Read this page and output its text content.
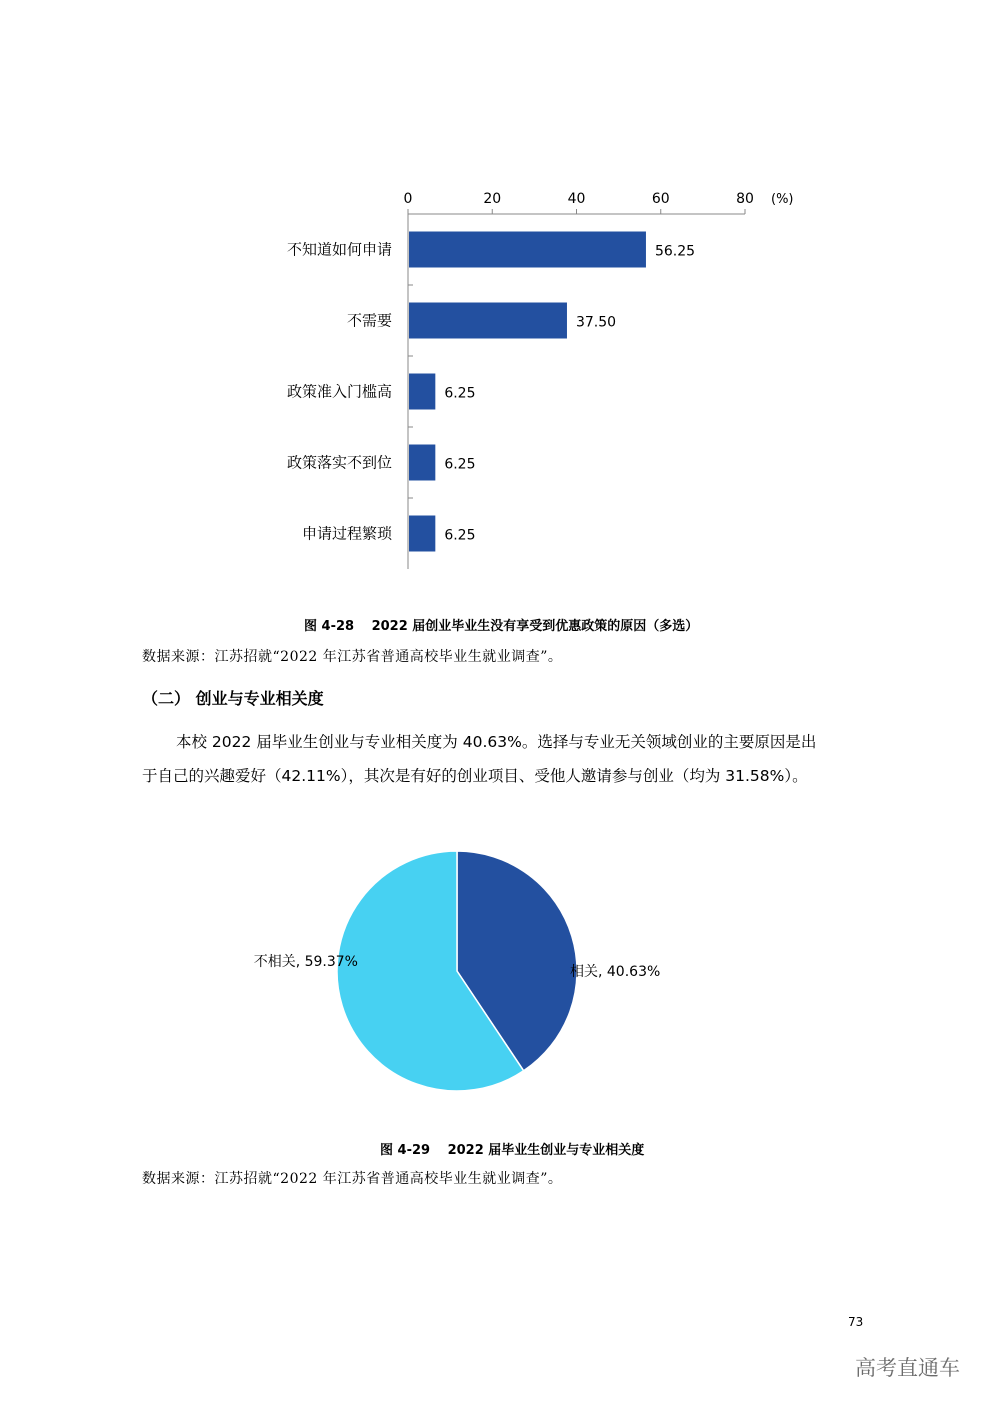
0	20	40	60	80 (%)
不知道如何申请	56.25
不需要	37.50
政策准入门槛高	6.25
政策落实不到位	6.25
申请过程繁琐	6.25
图 4-28　 2022 届创业毕业生没有享受到优惠政策的原因（多选）
数据来源：江苏招就“2022 年江苏省普通高校毕业生就业调查”。
（二） 创业与专业相关度
本校 2022 届毕业生创业与专业相关度为 40.63%。选择与专业无关领域创业的主要原因是出
于自己的兴趣爱好（42.11%），其次是有好的创业项目、受他人邀请参与创业（均为 31.58%）。
相关, 40.63%
不相关, 59.37%
图 4-29　 2022 届毕业生创业与专业相关度
数据来源：江苏招就“2022 年江苏省普通高校毕业生就业调查”。
73
高考直通车
